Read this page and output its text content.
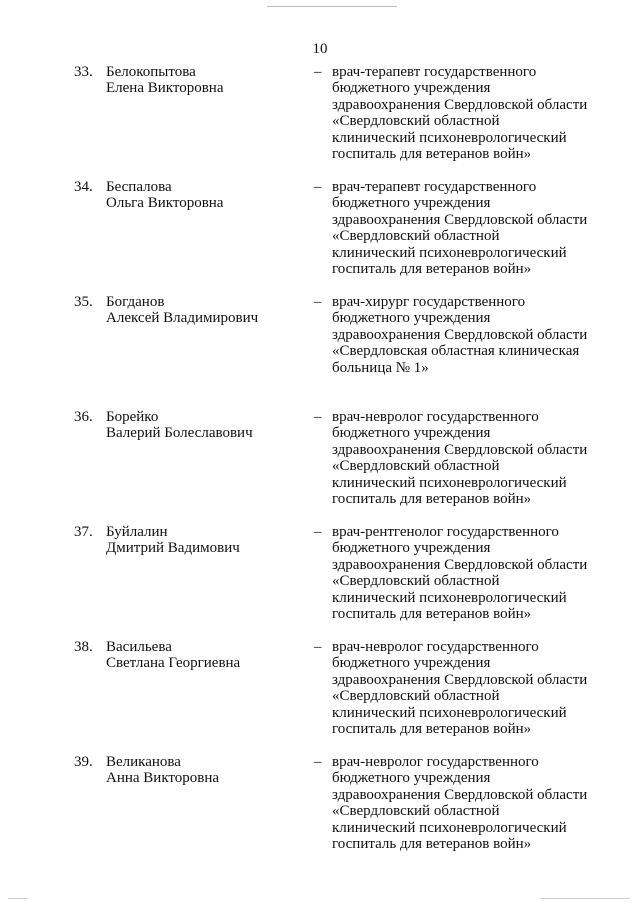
10
33. Белокопытова
Елена Викторовна
– врач-терапевт государственного
бюджетного учреждения
здравоохранения Свердловской области
«Свердловский областной
клинический психоневрологический
госпиталь для ветеранов войн»
34. Беспалова
Ольга Викторовна
– врач-терапевт государственного
бюджетного учреждения
здравоохранения Свердловской области
«Свердловский областной
клинический психоневрологический
госпиталь для ветеранов войн»
35. Богданов
Алексей Владимирович
– врач-хирург государственного
бюджетного учреждения
здравоохранения Свердловской области
«Свердловская областная клиническая
больница № 1»
36. Борейко
Валерий Болеславович
– врач-невролог государственного
бюджетного учреждения
здравоохранения Свердловской области
«Свердловский областной
клинический психоневрологический
госпиталь для ветеранов войн»
37. Буйлалин
Дмитрий Вадимович
– врач-рентгенолог государственного
бюджетного учреждения
здравоохранения Свердловской области
«Свердловский областной
клинический психоневрологический
госпиталь для ветеранов войн»
38. Васильева
Светлана Георгиевна
– врач-невролог государственного
бюджетного учреждения
здравоохранения Свердловской области
«Свердловский областной
клинический психоневрологический
госпиталь для ветеранов войн»
39. Великанова
Анна Викторовна
– врач-невролог государственного
бюджетного учреждения
здравоохранения Свердловской области
«Свердловский областной
клинический психоневрологический
госпиталь для ветеранов войн»
